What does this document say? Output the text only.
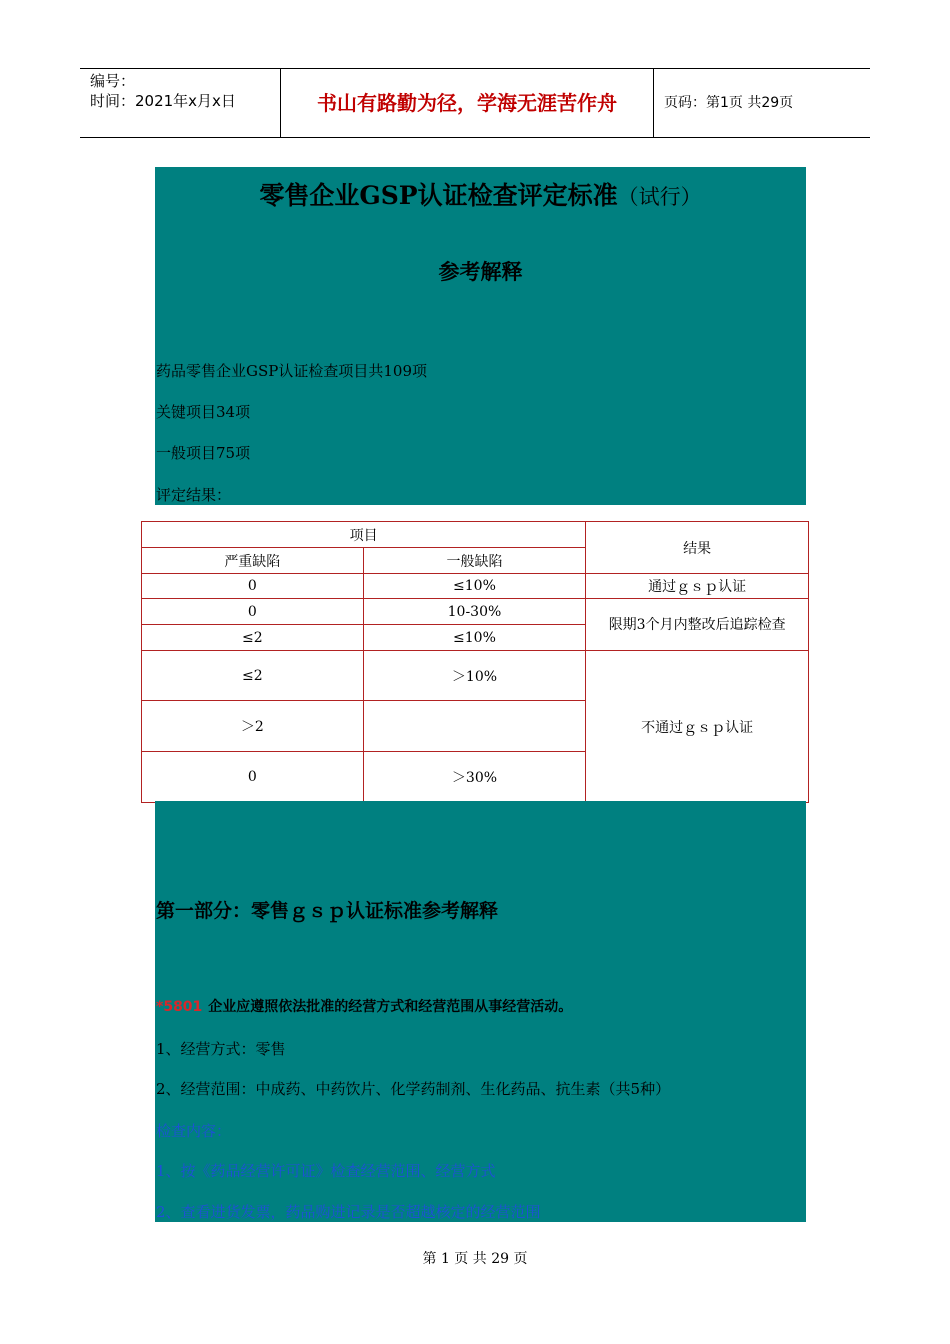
编号：
时间：2021年x月x日	书山有路勤为径，学海无涯苦作舟	页码：第1页 共29页
零售企业GSP认证检查评定标准（试行）
参考解释
药品零售企业GSP认证检查项目共109项
关键项目34项
一般项目75项
评定结果：
项目		结果
严重缺陷	一般缺陷	
0	≤10%	通过ｇｓｐ认证
0	10-30%	限期3个月内整改后追踪检查
≤2	≤10%	
≤2	＞10%	不通过ｇｓｐ认证
＞2		
0	＞30%	
第一部分：零售ｇｓｐ认证标准参考解释
*5801 企业应遵照依法批准的经营方式和经营范围从事经营活动。
1、经营方式：零售
2、经营范围：中成药、中药饮片、化学药制剂、生化药品、抗生素（共5种）
检查内容：
1、按《药品经营许可证》检查经营范围、经营方式
2、查看进货发票，药品购进记录是否超越核定的经营范围
第 1 页 共 29 页
